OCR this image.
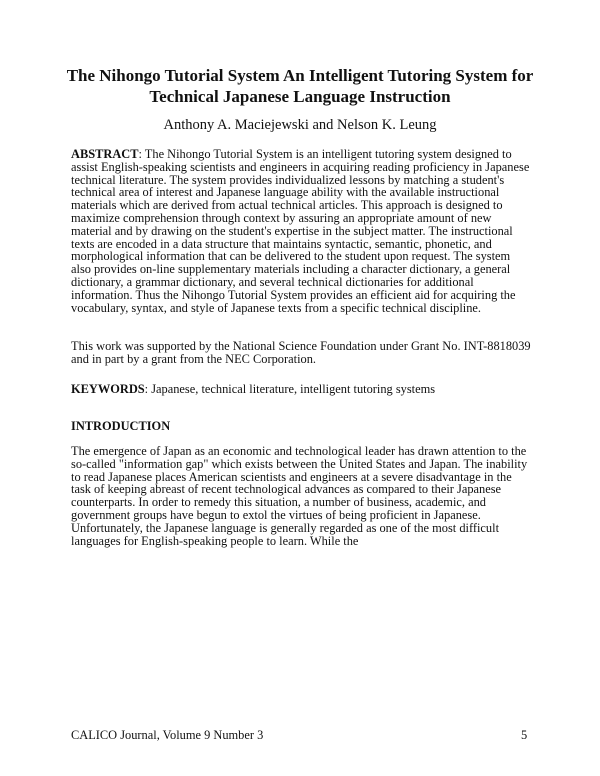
The Nihongo Tutorial System An Intelligent Tutoring System for Technical Japanese Language Instruction
Anthony A. Maciejewski and Nelson K. Leung
ABSTRACT: The Nihongo Tutorial System is an intelligent tutoring system designed to assist English-speaking scientists and engineers in acquiring reading proficiency in Japanese technical literature. The system provides individualized lessons by matching a student's technical area of interest and Japanese language ability with the available instructional materials which are derived from actual technical articles. This approach is designed to maximize comprehension through context by assuring an appropriate amount of new material and by drawing on the student's expertise in the subject matter. The instructional texts are encoded in a data structure that maintains syntactic, semantic, phonetic, and morphological information that can be delivered to the student upon request. The system also provides on-line supplementary materials including a character dictionary, a general dictionary, a grammar dictionary, and several technical dictionaries for additional information. Thus the Nihongo Tutorial System provides an efficient aid for acquiring the vocabulary, syntax, and style of Japanese texts from a specific technical discipline.
This work was supported by the National Science Foundation under Grant No. INT-8818039 and in part by a grant from the NEC Corporation.
KEYWORDS: Japanese, technical literature, intelligent tutoring systems
INTRODUCTION
The emergence of Japan as an economic and technological leader has drawn attention to the so-called "information gap" which exists between the United States and Japan. The inability to read Japanese places American scientists and engineers at a severe disadvantage in the task of keeping abreast of recent technological advances as compared to their Japanese counterparts. In order to remedy this situation, a number of business, academic, and government groups have begun to extol the virtues of being proficient in Japanese. Unfortunately, the Japanese language is generally regarded as one of the most difficult languages for English-speaking people to learn. While the
CALICO Journal, Volume 9 Number 3	5
